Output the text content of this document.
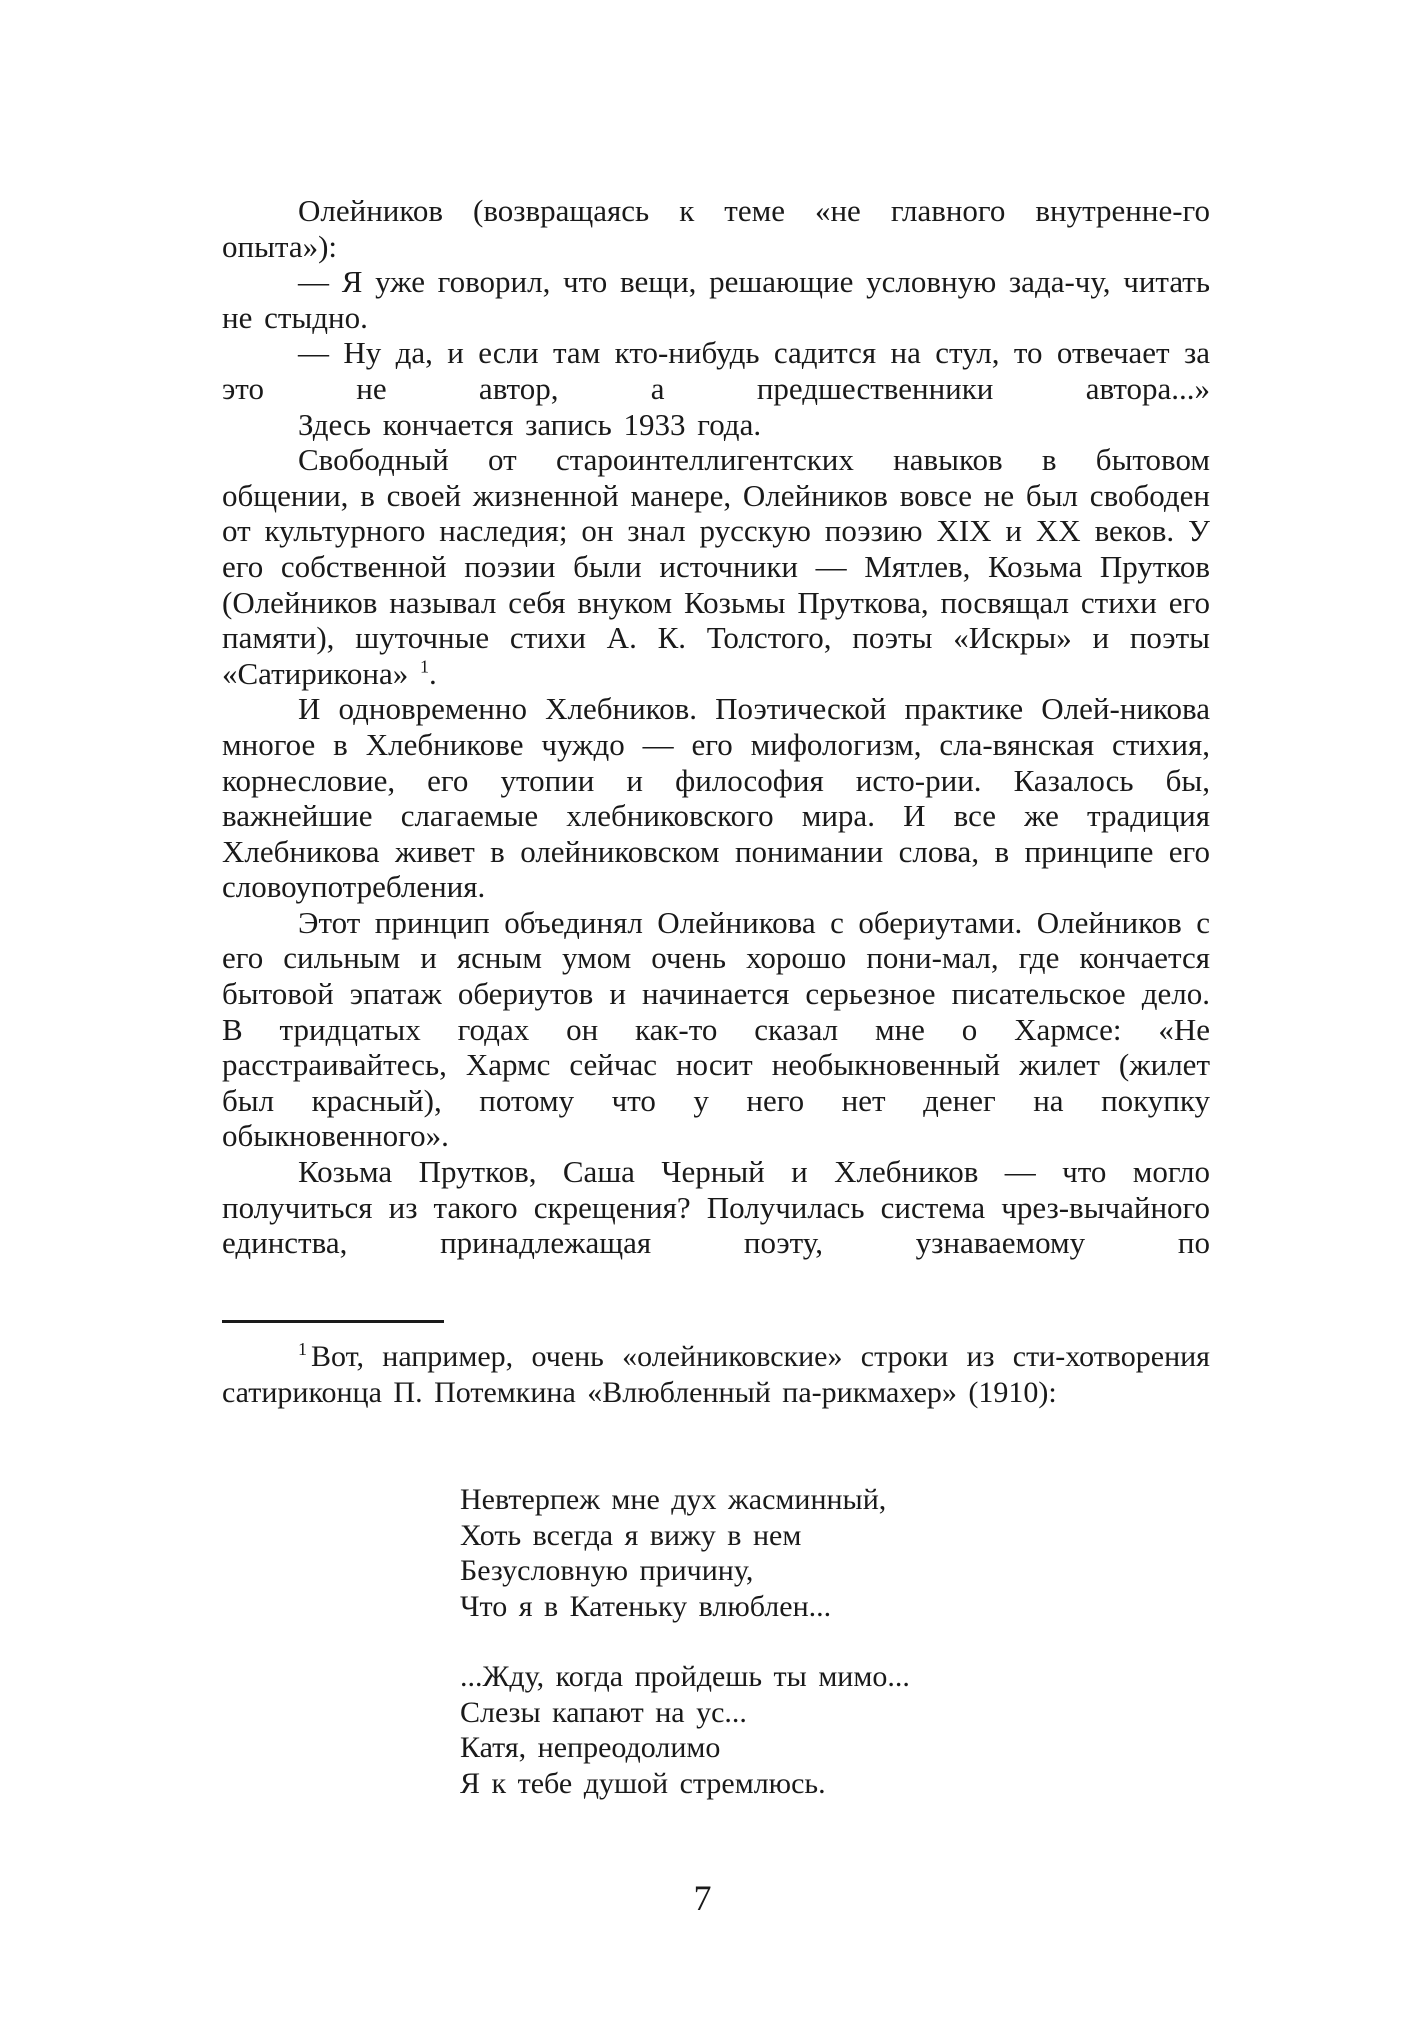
Олейников (возвращаясь к теме «не главного внутренне-го опыта»):

— Я уже говорил, что вещи, решающие условную зада-чу, читать не стыдно.

— Ну да, и если там кто-нибудь садится на стул, то отвечает за это не автор, а предшественники автора...»

Здесь кончается запись 1933 года.

Свободный от староинтеллигентских навыков в бытовом общении, в своей жизненной манере, Олейников вовсе не был свободен от культурного наследия; он знал русскую поэзию XIX и XX веков. У его собственной поэзии были источники — Мятлев, Козьма Прутков (Олейников называл себя внуком Козьмы Пруткова, посвящал стихи его памяти), шуточные стихи А. К. Толстого, поэты «Искры» и поэты «Сатирикона» $^1$.

И одновременно Хлебников. Поэтической практике Олей-никова многое в Хлебникове чуждо — его мифологизм, сла-вянская стихия, корнесловие, его утопии и философия исто-рии. Казалось бы, важнейшие слагаемые хлебниковского мира. И все же традиция Хлебникова живет в олейниковском понимании слова, в принципе его словоупотребления.

Этот принцип объединял Олейникова с обериутами. Олейников с его сильным и ясным умом очень хорошо пони-мал, где кончается бытовой эпатаж обериутов и начинается серьезное писательское дело. В тридцатых годах он как-то сказал мне о Хармсе: «Не расстраивайтесь, Хармс сейчас носит необыкновенный жилет (жилет был красный), потому что у него нет денег на покупку обыкновенного».

Козьма Прутков, Саша Черный и Хлебников — что могло получиться из такого скрещения? Получилась система чрез-вычайного единства, принадлежащая поэту, узнаваемому по

$^1$ Вот, например, очень «олейниковские» строки из сти-хотворения сатириконца П. Потемкина «Влюбленный па-рикмахер» (1910):

Невтерпеж мне дух жасминный,
Хоть всегда я вижу в нем
Безусловную причину,
Что я в Катеньку влюблен...
...Жду, когда пройдешь ты мимо...
Слезы капают на ус...
Катя, непреодолимо
Я к тебе душой стремлюсь.
7
